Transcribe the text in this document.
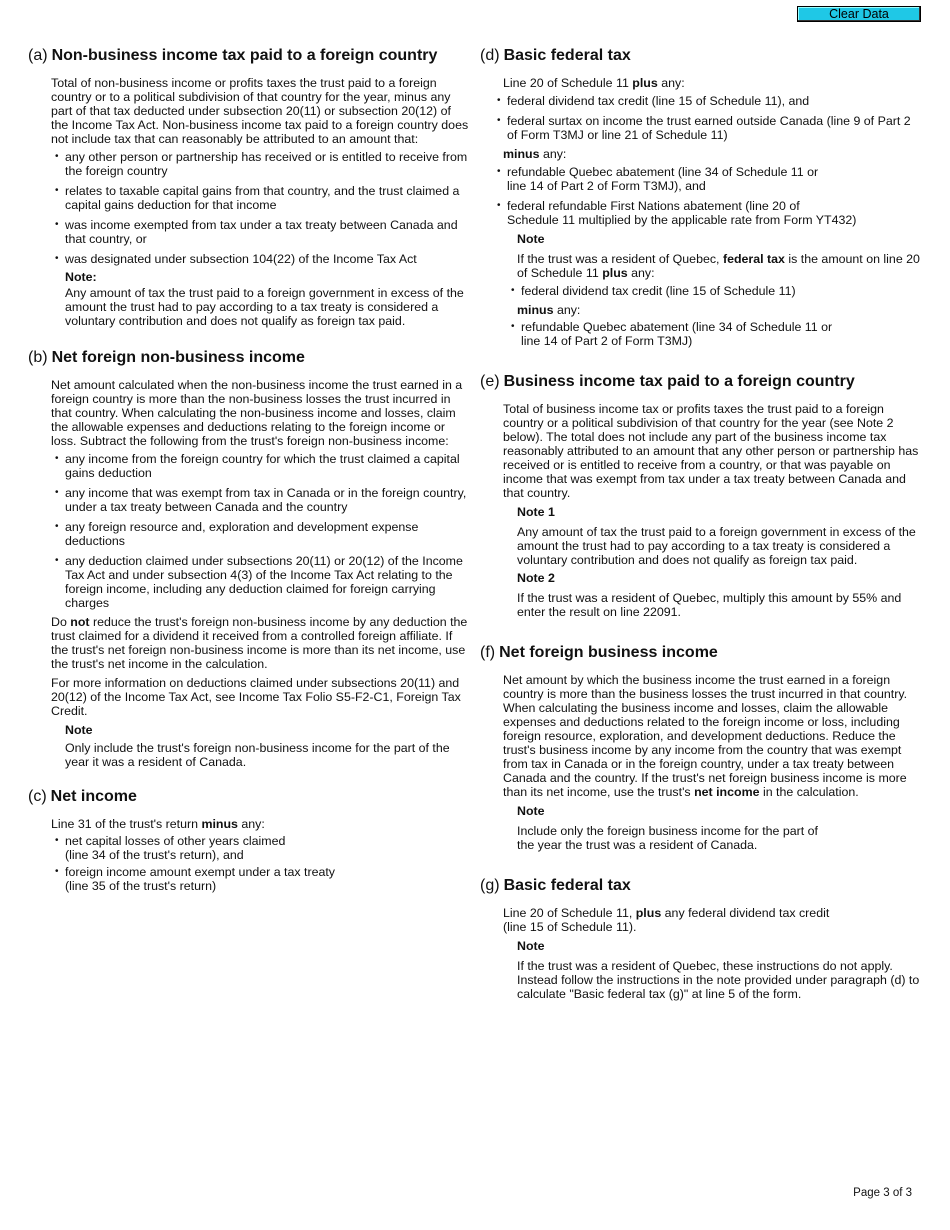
Clear Data
(a) Non-business income tax paid to a foreign country

Total of non-business income or profits taxes the trust paid to a foreign country or to a political subdivision of that country for the year, minus any part of that tax deducted under subsection 20(11) or subsection 20(12) of the Income Tax Act. Non-business income tax paid to a foreign country does not include tax that can reasonably be attributed to an amount that:

• any other person or partnership has received or is entitled to receive from the foreign country
• relates to taxable capital gains from that country, and the trust claimed a capital gains deduction for that income
• was income exempted from tax under a tax treaty between Canada and that country, or
• was designated under subsection 104(22) of the Income Tax Act
Note:

Any amount of tax the trust paid to a foreign government in excess of the amount the trust had to pay according to a tax treaty is considered a voluntary contribution and does not qualify as foreign tax paid.

(b) Net foreign non-business income

Net amount calculated when the non-business income the trust earned in a foreign country is more than the non-business losses the trust incurred in that country. When calculating the non-business income and losses, claim the allowable expenses and deductions relating to the foreign income or loss. Subtract the following from the trust's foreign non-business income:

• any income from the foreign country for which the trust claimed a capital gains deduction
• any income that was exempt from tax in Canada or in the foreign country, under a tax treaty between Canada and the country
• any foreign resource and, exploration and development expense deductions
• any deduction claimed under subsections 20(11) or 20(12) of the Income Tax Act and under subsection 4(3) of the Income Tax Act relating to the foreign income, including any deduction claimed for foreign carrying charges

Do not reduce the trust's foreign non-business income by any deduction the trust claimed for a dividend it received from a controlled foreign affiliate. If the trust's net foreign non-business income is more than its net income, use the trust's net income in the calculation.

For more information on deductions claimed under subsections 20(11) and 20(12) of the Income Tax Act, see Income Tax Folio S5-F2-C1, Foreign Tax Credit.

Note

Only include the trust's foreign non-business income for the part of the year it was a resident of Canada.

(c) Net income

Line 31 of the trust's return minus any:

• net capital losses of other years claimed
(line 34 of the trust's return), and
• foreign income amount exempt under a tax treaty
(line 35 of the trust's return)
(d) Basic federal tax

Line 20 of Schedule 11 plus any:

• federal dividend tax credit (line 15 of Schedule 11), and
• federal surtax on income the trust earned outside Canada (line 9 of Part 2 of Form T3MJ or line 21 of Schedule 11)

minus any:

• refundable Quebec abatement (line 34 of Schedule 11 or
line 14 of Part 2 of Form T3MJ), and
• federal refundable First Nations abatement (line 20 of
Schedule 11 multiplied by the applicable rate from Form YT432)
Note

If the trust was a resident of Quebec, federal tax is the amount on line 20 of Schedule 11 plus any:

• federal dividend tax credit (line 15 of Schedule 11)

minus any:

• refundable Quebec abatement (line 34 of Schedule 11 or
line 14 of Part 2 of Form T3MJ)
(e) Business income tax paid to a foreign country

Total of business income tax or profits taxes the trust paid to a foreign country or a political subdivision of that country for the year (see Note 2 below). The total does not include any part of the business income tax reasonably attributed to an amount that any other person or partnership has received or is entitled to receive from a country, or that was payable on income that was exempt from tax under a tax treaty between Canada and that country.

Note 1

Any amount of tax the trust paid to a foreign government in excess of the amount the trust had to pay according to a tax treaty is considered a voluntary contribution and does not qualify as foreign tax paid.

Note 2

If the trust was a resident of Quebec, multiply this amount by 55% and enter the result on line 22091.

(f) Net foreign business income

Net amount by which the business income the trust earned in a foreign country is more than the business losses the trust incurred in that country. When calculating the business income and losses, claim the allowable expenses and deductions related to the foreign income or loss, including foreign resource, exploration, and development deductions. Reduce the trust's business income by any income from the country that was exempt from tax in Canada or in the foreign country, under a tax treaty between Canada and the country. If the trust's net foreign business income is more than its net income, use the trust's net income in the calculation.

Note

Include only the foreign business income for the part of
the year the trust was a resident of Canada.

(g) Basic federal tax

Line 20 of Schedule 11, plus any federal dividend tax credit
(line 15 of Schedule 11).

Note

If the trust was a resident of Quebec, these instructions do not apply. Instead follow the instructions in the note provided under paragraph (d) to calculate "Basic federal tax (g)" at line 5 of the form.

Page 3 of 3
